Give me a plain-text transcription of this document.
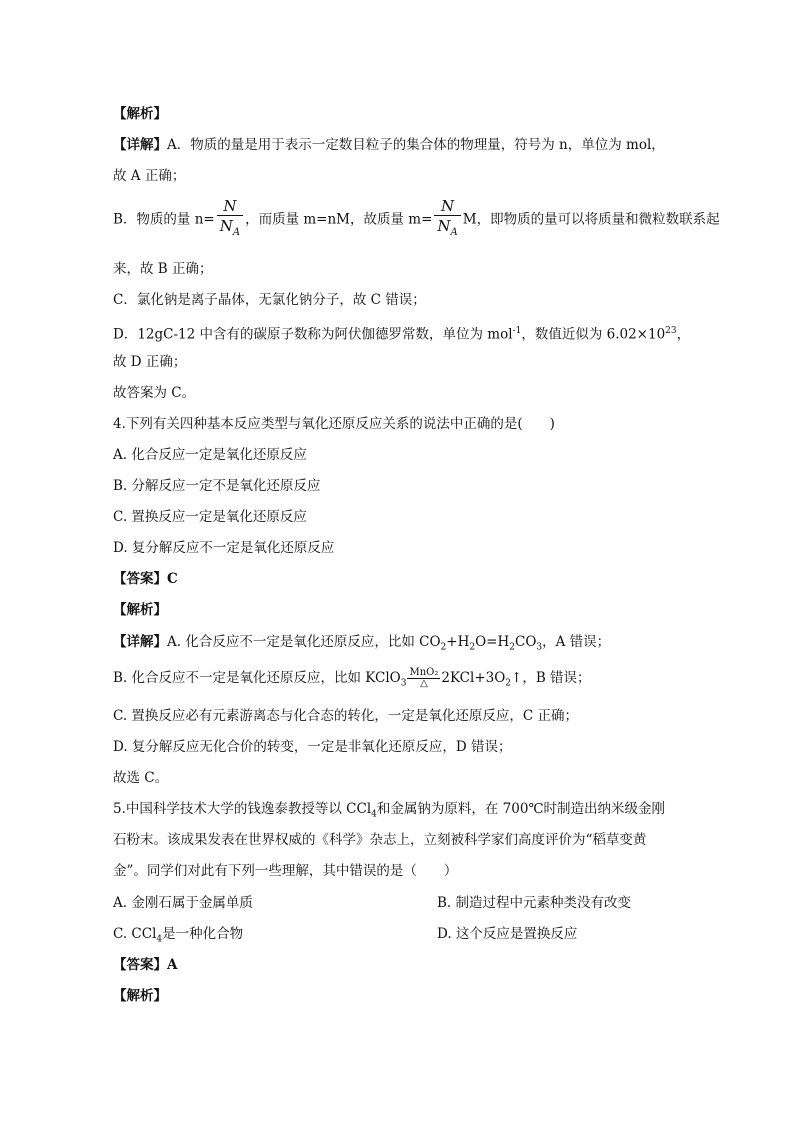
【解析】
【详解】A．物质的量是用于表示一定数目粒子的集合体的物理量，符号为 n，单位为 mol，
故 A 正确；
B．物质的量 $n= \frac{N}{N_A}$ ，而质量 m=nM，故质量 $m= \frac{N}{N_A}$ M，即物质的量可以将质量和微粒数联系起
来，故 B 正确；
C．氯化钠是离子晶体，无氯化钠分子，故 C 错误；
D．12gC-12 中含有的碳原子数称为阿伏伽德罗常数，单位为 mol$^{-1}$，数值近似为 $6.02\times 10^{23}$，
故 D 正确；
故答案为 C。
4.下列有关四种基本反应类型与氧化还原反应关系的说法中正确的是(　　)
A. 化合反应一定是氧化还原反应
B. 分解反应一定不是氧化还原反应
C. 置换反应一定是氧化还原反应
D. 复分解反应不一定是氧化还原反应
【答案】C
【解析】
【详解】A. 化合反应不一定是氧化还原反应，比如 $CO_2+H_2O=H_2CO_3$，A 错误；
B. 化合反应不一定是氧化还原反应，比如 KClO$_3$
MnO₂
△	$2KCl+3O_2↑$，B 错误；
C. 置换反应必有元素游离态与化合态的转化，一定是氧化还原反应，C 正确；
D. 复分解反应无化合价的转变，一定是非氧化还原反应，D 错误；
故选 C。
5.中国科学技术大学的钱逸泰教授等以 CCl$_4$和金属钠为原料，在 700℃时制造出纳米级金刚
石粉末。该成果发表在世界权威的《科学》杂志上，立刻被科学家们高度评价为“稻草变黄
金”。同学们对此有下列一些理解，其中错误的是（　　）
A. 金刚石属于金属单质	B. 制造过程中元素种类没有改变
C. CCl$_4$是一种化合物	D. 这个反应是置换反应
【答案】A
【解析】
